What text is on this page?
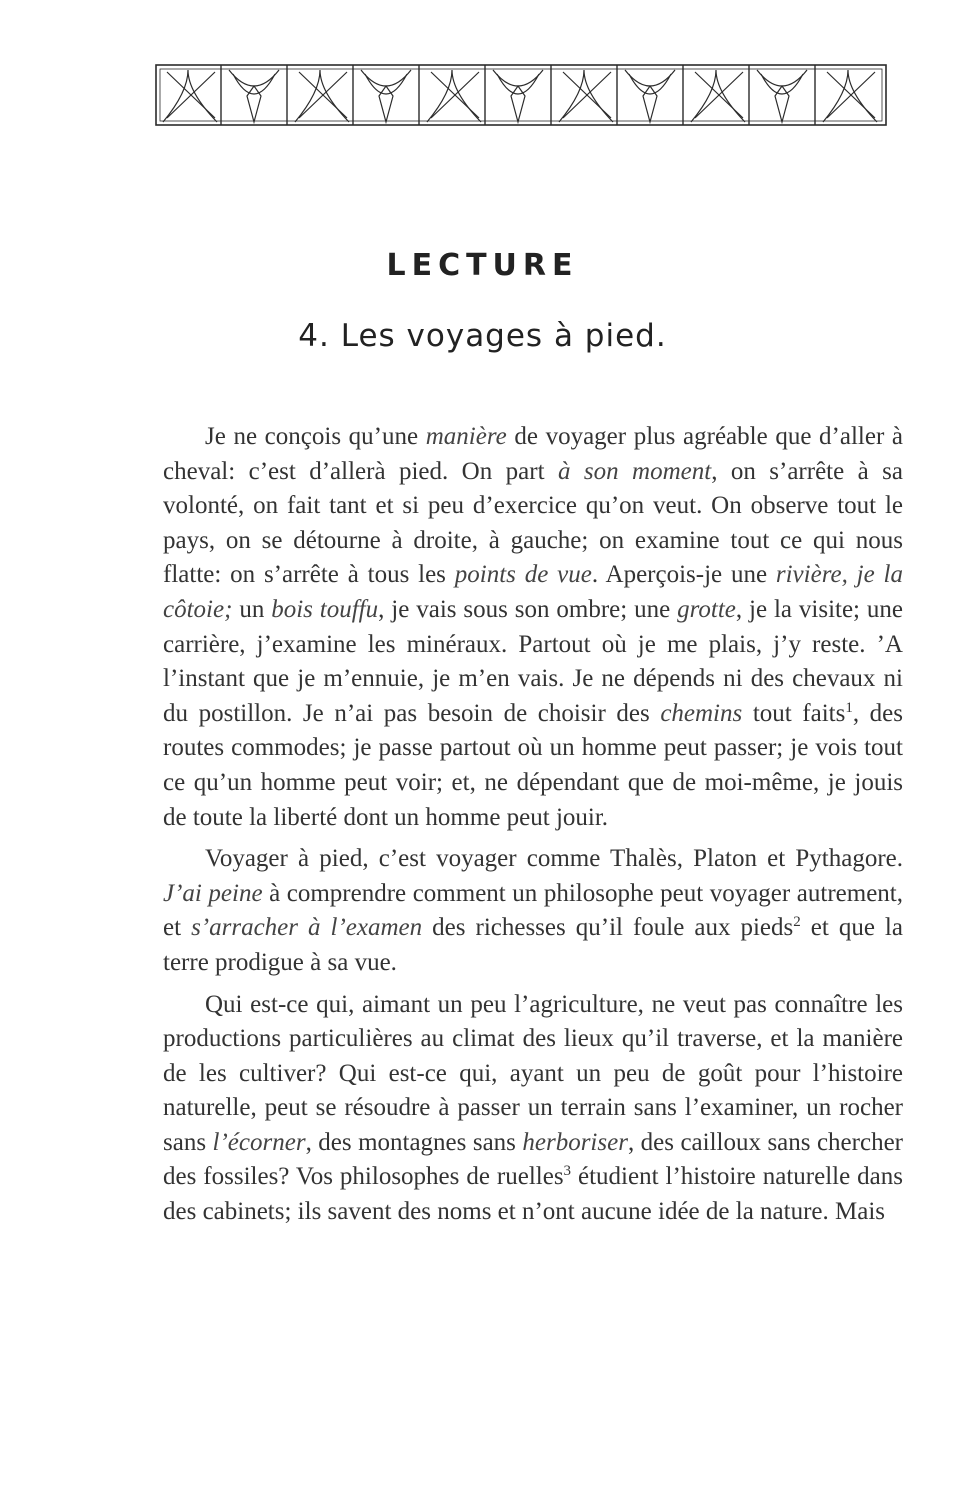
LECTURE
4. Les voyages à pied.

Je ne conçois qu’une manière de voyager plus agréable que d’aller à cheval: c’est d’allerà pied. On part à son moment, on s’arrête à sa volonté, on fait tant et si peu d’exercice qu’on veut. On observe tout le pays, on se détourne à droite, à gauche; on examine tout ce qui nous flatte: on s’arrête à tous les points de vue. Aperçois-je une rivière, je la côtoie; un bois touffu, je vais sous son ombre; une grotte, je la visite; une carrière, j’examine les minéraux. Partout où je me plais, j’y reste. ’A l’instant que je m’ennuie, je m’en vais. Je ne dépends ni des chevaux ni du postillon. Je n’ai pas besoin de choisir des chemins tout faits$^1$, des routes commodes; je passe partout où un homme peut passer; je vois tout ce qu’un homme peut voir; et, ne dépendant que de moi-même, je jouis de toute la liberté dont un homme peut jouir.

Voyager à pied, c’est voyager comme Thalès, Platon et Pythagore. J’ai peine à comprendre comment un philosophe peut voyager autrement, et s’arracher à l’examen des richesses qu’il foule aux pieds$^2$ et que la terre prodigue à sa vue.

Qui est-ce qui, aimant un peu l’agriculture, ne veut pas connaître les productions particulières au climat des lieux qu’il traverse, et la manière de les cultiver? Qui est-ce qui, ayant un peu de goût pour l’histoire naturelle, peut se résoudre à passer un terrain sans l’examiner, un rocher sans l’écorner, des montagnes sans herboriser, des cailloux sans chercher des fossiles? Vos philosophes de ruelles$^3$ étudient l’histoire naturelle dans des cabinets; ils savent des noms et n’ont aucune idée de la nature. Mais
